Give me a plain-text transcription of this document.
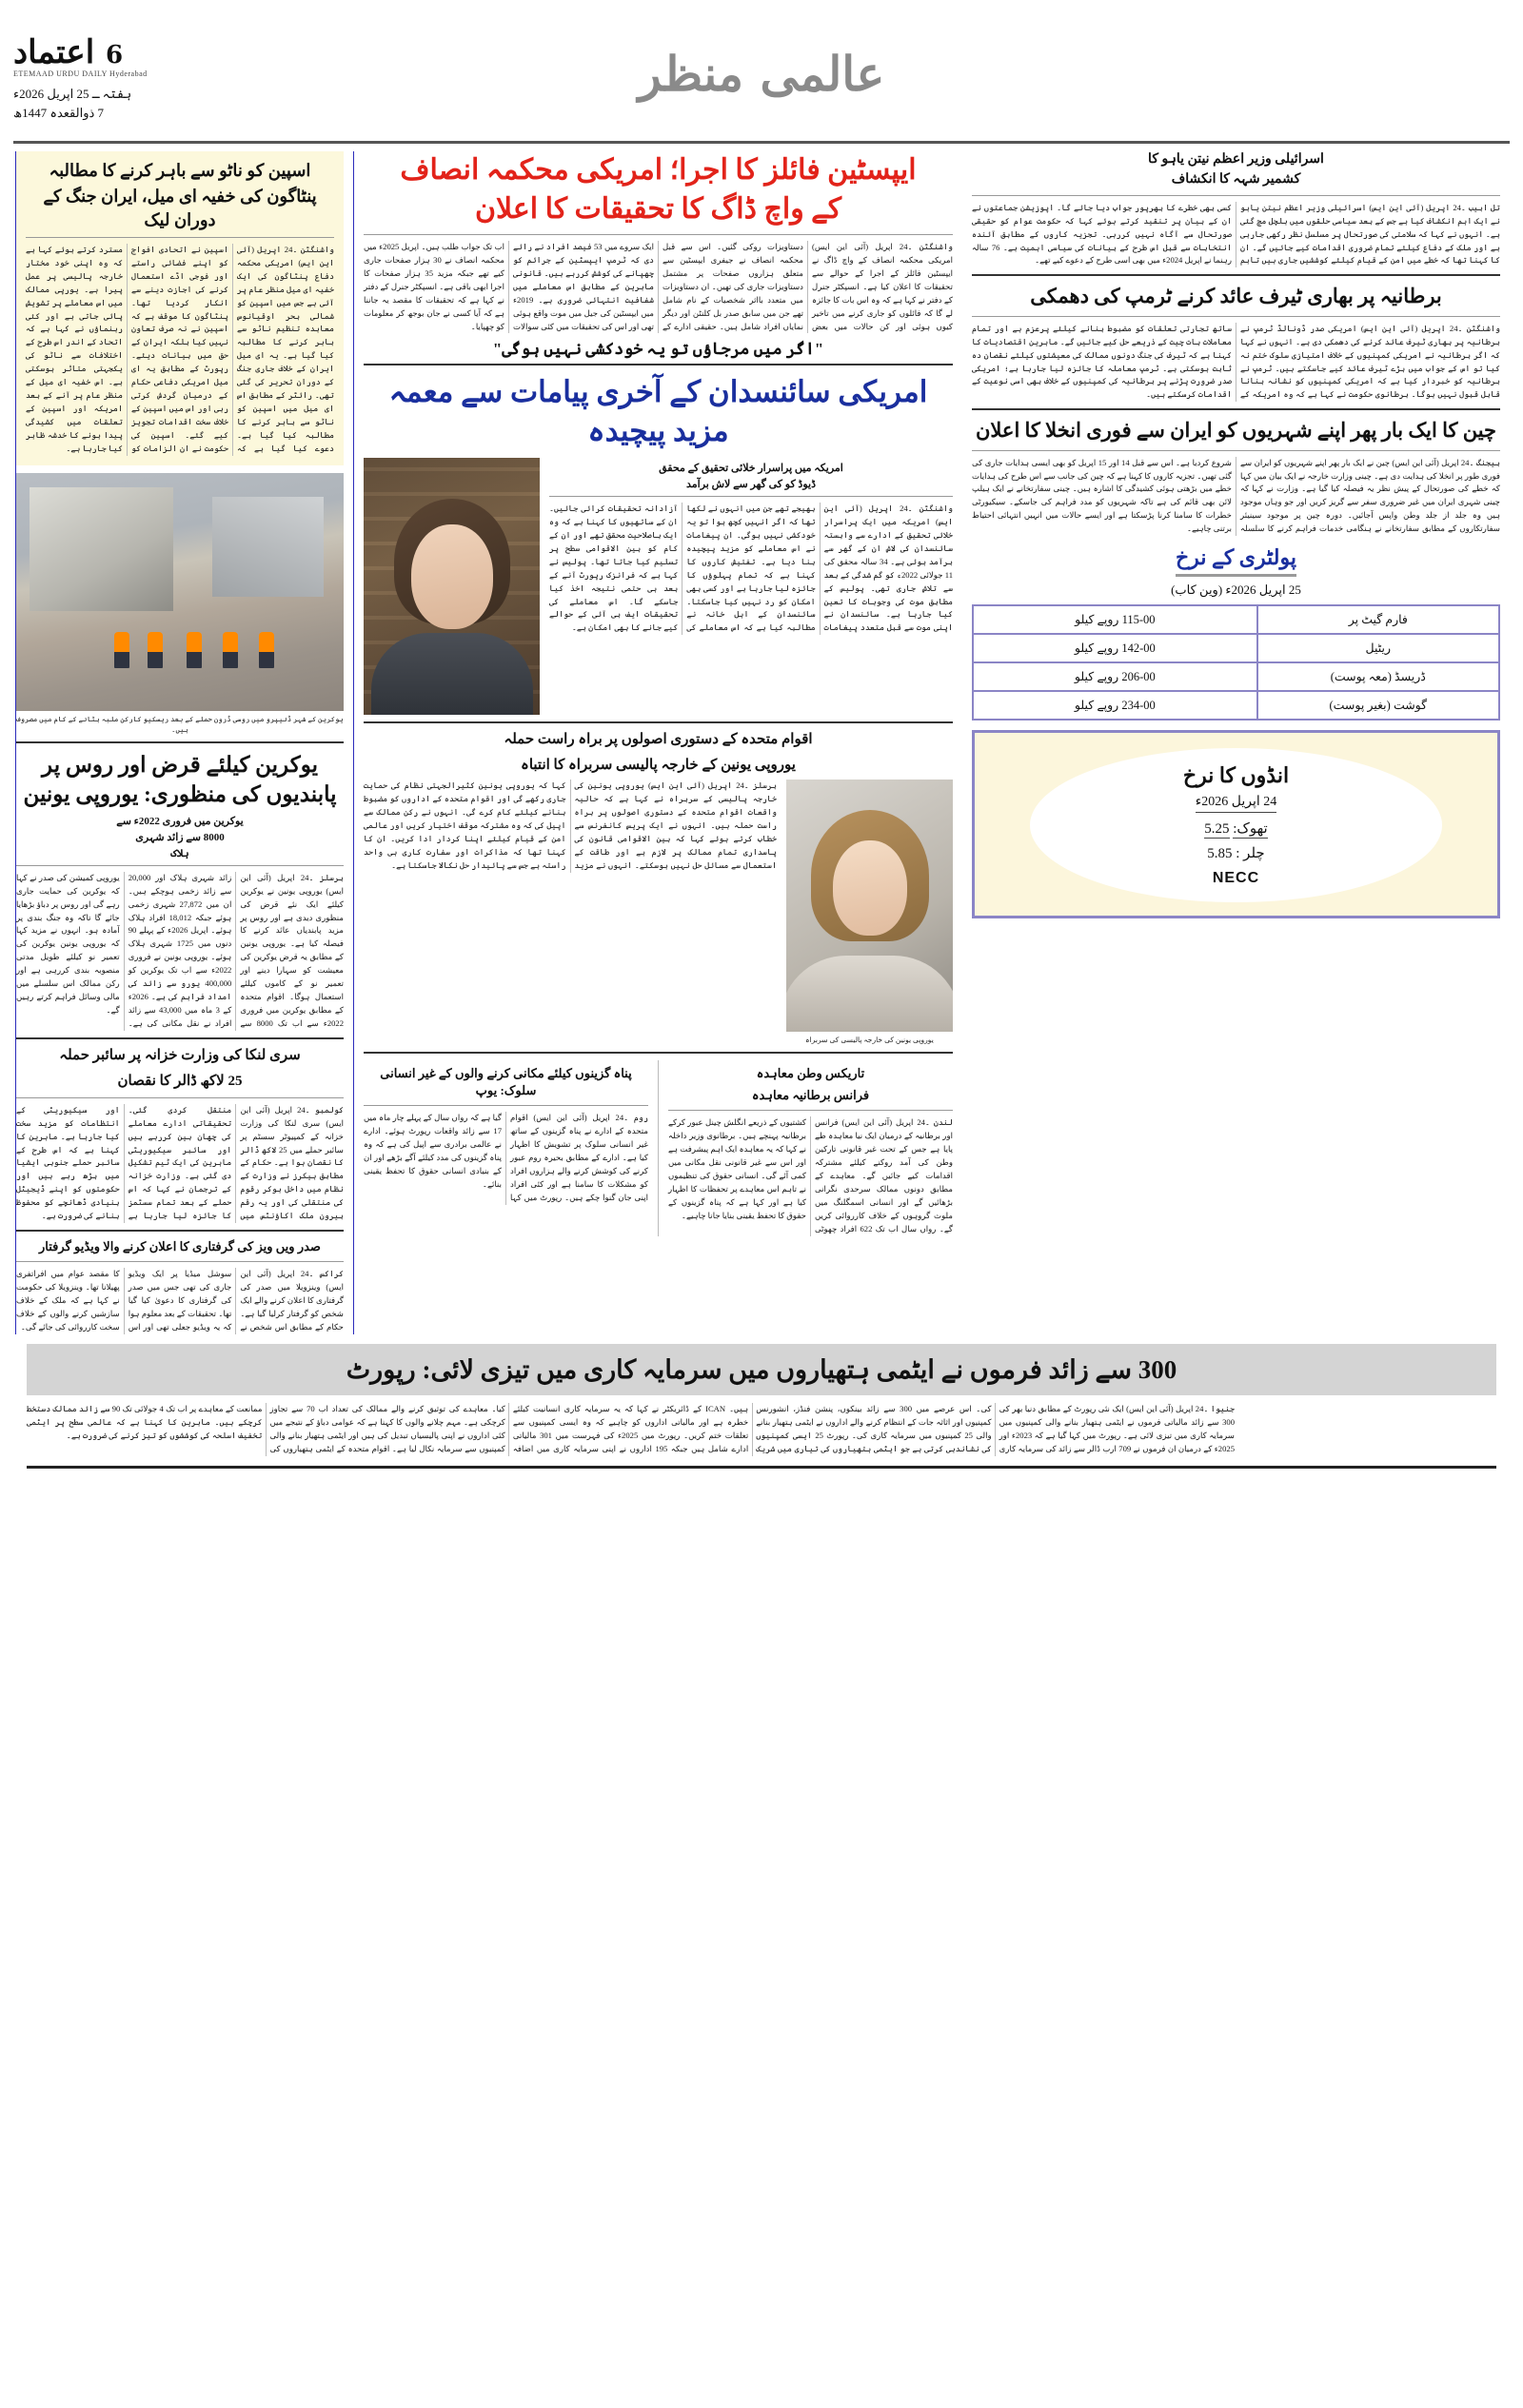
6 اعتماد
ETEMAAD URDU DAILY Hyderabad
ہفتہ ـ 25 اپریل 2026ء
7 ذوالقعدہ 1447ھ
عالمی منظر
اسرائیلی وزیر اعظم نیتن یاہو کا
کشمیر شہہ کا انکشاف
تل ابیب ۔24 اپریل (آئی این ایس) اسرائیلی وزیر اعظم نیتن یاہو نے ایک اہم انکشاف کیا ہے جس کے بعد سیاسی حلقوں میں ہلچل مچ گئی ہے۔ انہوں نے کہا کہ سلامتی کی صورتحال پر مسلسل نظر رکھی جارہی ہے اور ملک کے دفاع کیلئے تمام ضروری اقدامات کیے جائیں گے۔ ان کا کہنا تھا کہ خطے میں امن کے قیام کیلئے کوششیں جاری ہیں تاہم کسی بھی خطرے کا بھرپور جواب دیا جائے گا۔ اپوزیشن جماعتوں نے ان کے بیان پر تنقید کرتے ہوئے کہا کہ حکومت عوام کو حقیقی صورتحال سے آگاہ نہیں کررہی۔ تجزیہ کاروں کے مطابق آئندہ انتخابات سے قبل اس طرح کے بیانات کی سیاسی اہمیت ہے۔ 76 سالہ رہنما نے اپریل 2024ء میں بھی اسی طرح کے دعوے کیے تھے۔
برطانیہ پر بھاری ٹیرف عائد کرنے ٹرمپ کی دھمکی
واشنگٹن ۔24 اپریل (آئی این ایس) امریکی صدر ڈونالڈ ٹرمپ نے برطانیہ پر بھاری ٹیرف عائد کرنے کی دھمکی دی ہے۔ انہوں نے کہا کہ اگر برطانیہ نے امریکی کمپنیوں کے خلاف امتیازی سلوک ختم نہ کیا تو اس کے جواب میں بڑے ٹیرف عائد کیے جاسکتے ہیں۔ ٹرمپ نے برطانیہ کو خبردار کیا ہے کہ امریکی کمپنیوں کو نشانہ بنانا قابل قبول نہیں ہوگا۔ برطانوی حکومت نے کہا ہے کہ وہ امریکہ کے ساتھ تجارتی تعلقات کو مضبوط بنانے کیلئے پرعزم ہے اور تمام معاملات بات چیت کے ذریعے حل کیے جائیں گے۔ ماہرین اقتصادیات کا کہنا ہے کہ ٹیرف کی جنگ دونوں ممالک کی معیشتوں کیلئے نقصان دہ ثابت ہوسکتی ہے۔ ٹرمپ معاملہ کا جائزہ لیا جارہا ہے؛ امریکی صدر ضرورت پڑنے پر برطانیہ کی کمپنیوں کے خلاف بھی اسی نوعیت کے اقدامات کرسکتے ہیں۔
چین کا ایک بار پھر اپنے شہریوں کو ایران سے فوری انخلا کا اعلان
بیجنگ ۔24 اپریل (آئی این ایس) چین نے ایک بار پھر اپنے شہریوں کو ایران سے فوری طور پر انخلا کی ہدایت دی ہے۔ چینی وزارت خارجہ نے ایک بیان میں کہا کہ خطے کی صورتحال کے پیش نظر یہ فیصلہ کیا گیا ہے۔ وزارت نے کہا کہ چینی شہری ایران میں غیر ضروری سفر سے گریز کریں اور جو وہاں موجود ہیں وہ جلد از جلد وطن واپس آجائیں۔ دورہ چین پر موجود سینیئر سفارتکاروں کے مطابق سفارتخانے نے ہنگامی خدمات فراہم کرنے کا سلسلہ شروع کردیا ہے۔ اس سے قبل 14 اور 15 اپریل کو بھی ایسی ہدایات جاری کی گئی تھیں۔ تجزیہ کاروں کا کہنا ہے کہ چین کی جانب سے اس طرح کی ہدایات خطے میں بڑھتی ہوئی کشیدگی کا اشارہ ہیں۔ چینی سفارتخانے نے ایک ہیلپ لائن بھی قائم کی ہے تاکہ شہریوں کو مدد فراہم کی جاسکے۔ سیکیورٹی خطرات کا سامنا کرنا پڑسکتا ہے اور ایسے حالات میں انہیں انتہائی احتیاط برتنی چاہیے۔
پولٹری کے نرخ
25 اپریل 2026ء (وین کاب)
فارم گیٹ پر	115-00 روپے کیلو
ریٹیل	142-00 روپے کیلو
ڈریسڈ (معہ پوست)	206-00 روپے کیلو
گوشت (بغیر پوست)	234-00 روپے کیلو
انڈوں کا نرخ
24 اپریل 2026ء
تھوک: 5.25
چلر : 5.85
NECC
ایپسٹین فائلز کا اجرا؛ امریکی محکمہ انصاف
کے واچ ڈاگ کا تحقیقات کا اعلان
واشنگٹن ۔24 اپریل (آئی این ایس) امریکی محکمہ انصاف کے واچ ڈاگ نے ایپسٹین فائلز کے اجرا کے حوالے سے تحقیقات کا اعلان کیا ہے۔ انسپکٹر جنرل کے دفتر نے کہا ہے کہ وہ اس بات کا جائزہ لے گا کہ فائلوں کو جاری کرنے میں تاخیر کیوں ہوئی اور کن حالات میں بعض دستاویزات روکی گئیں۔ اس سے قبل محکمہ انصاف نے جیفری ایپسٹین سے متعلق ہزاروں صفحات پر مشتمل دستاویزات جاری کی تھیں۔ ان دستاویزات میں متعدد بااثر شخصیات کے نام شامل تھے جن میں سابق صدر بل کلنٹن اور دیگر نمایاں افراد شامل ہیں۔ حقیقی ادارے کے ایک سروے میں 53 فیصد افراد نے رائے دی کہ ٹرمپ ایپسٹین کے جرائم کو چھپانے کی کوشش کررہے ہیں۔ قانونی ماہرین کے مطابق اس معاملے میں شفافیت انتہائی ضروری ہے۔ 2019ء میں ایپسٹین کی جیل میں موت واقع ہوئی تھی اور اس کی تحقیقات میں کئی سوالات اب تک جواب طلب ہیں۔ اپریل 2025ء میں محکمہ انصاف نے 30 ہزار صفحات جاری کیے تھے جبکہ مزید 35 ہزار صفحات کا اجرا ابھی باقی ہے۔ انسپکٹر جنرل کے دفتر نے کہا ہے کہ تحقیقات کا مقصد یہ جاننا ہے کہ آیا کسی نے جان بوجھ کر معلومات کو چھپایا۔
"اگر میں مرجاؤں تو یہ خودکشی نہیں ہوگی"
امریکی سائنسدان کے آخری پیامات سے معمہ مزید پیچیدہ
امریکہ میں پراسرار خلائی تحقیق کے محقق
ڈیوڈ کو کی گھر سے لاش برآمد
واشنگٹن ۔24 اپریل (آئی این ایس) امریکہ میں ایک پراسرار خلائی تحقیق کے ادارے سے وابستہ سائنسدان کی لاش ان کے گھر سے برآمد ہوئی ہے۔ 34 سالہ محقق کی 11 جولائی 2022ء کو گم شدگی کے بعد سے تلاش جاری تھی۔ پولیس کے مطابق موت کی وجوہات کا تعین کیا جارہا ہے۔ سائنسدان نے اپنی موت سے قبل متعدد پیغامات بھیجے تھے جن میں انہوں نے لکھا تھا کہ اگر انہیں کچھ ہوا تو یہ خودکشی نہیں ہوگی۔ ان پیغامات نے اس معاملے کو مزید پیچیدہ بنا دیا ہے۔ تفتیش کاروں کا کہنا ہے کہ تمام پہلوؤں کا جائزہ لیا جارہا ہے اور کسی بھی امکان کو رد نہیں کیا جاسکتا۔ سائنسدان کے اہل خانہ نے مطالبہ کیا ہے کہ اس معاملے کی آزادانہ تحقیقات کرائی جائیں۔ ان کے ساتھیوں کا کہنا ہے کہ وہ ایک باصلاحیت محقق تھے اور ان کے کام کو بین الاقوامی سطح پر تسلیم کیا جاتا تھا۔ پولیس نے کہا ہے کہ فرانزک رپورٹ آنے کے بعد ہی حتمی نتیجہ اخذ کیا جاسکے گا۔ اس معاملے کی تحقیقات ایف بی آئی کے حوالے کیے جانے کا بھی امکان ہے۔
اقوام متحدہ کے دستوری اصولوں پر براہ راست حملہ
یوروپی یونین کے خارجہ پالیسی سربراہ کا انتباہ
یوروپی یونین کی خارجہ پالیسی کی سربراہ
برسلز ۔24 اپریل (آئی این ایس) یوروپی یونین کی خارجہ پالیسی کے سربراہ نے کہا ہے کہ حالیہ واقعات اقوام متحدہ کے دستوری اصولوں پر براہ راست حملہ ہیں۔ انہوں نے ایک پریس کانفرنس سے خطاب کرتے ہوئے کہا کہ بین الاقوامی قانون کی پاسداری تمام ممالک پر لازم ہے اور طاقت کے استعمال سے مسائل حل نہیں ہوسکتے۔ انہوں نے مزید کہا کہ یوروپی یونین کثیرالجہتی نظام کی حمایت جاری رکھے گی اور اقوام متحدہ کے اداروں کو مضبوط بنانے کیلئے کام کرے گی۔ انہوں نے رکن ممالک سے اپیل کی کہ وہ مشترکہ موقف اختیار کریں اور عالمی امن کے قیام کیلئے اپنا کردار ادا کریں۔ ان کا کہنا تھا کہ مذاکرات اور سفارت کاری ہی واحد راستہ ہے جس سے پائیدار حل نکالا جاسکتا ہے۔
تاریکس وطن معاہدہ
فرانس برطانیہ معاہدہ
لندن ۔24 اپریل (آئی این ایس) فرانس اور برطانیہ کے درمیان ایک نیا معاہدہ طے پایا ہے جس کے تحت غیر قانونی تارکین وطن کی آمد روکنے کیلئے مشترکہ اقدامات کیے جائیں گے۔ معاہدے کے مطابق دونوں ممالک سرحدی نگرانی بڑھائیں گے اور انسانی اسمگلنگ میں ملوث گروہوں کے خلاف کارروائی کریں گے۔ رواں سال اب تک 622 افراد چھوٹی کشتیوں کے ذریعے انگلش چینل عبور کرکے برطانیہ پہنچے ہیں۔ برطانوی وزیر داخلہ نے کہا کہ یہ معاہدہ ایک اہم پیشرفت ہے اور اس سے غیر قانونی نقل مکانی میں کمی آئے گی۔ انسانی حقوق کی تنظیموں نے تاہم اس معاہدے پر تحفظات کا اظہار کیا ہے اور کہا ہے کہ پناہ گزینوں کے حقوق کا تحفظ یقینی بنایا جانا چاہیے۔
پناہ گزینوں کیلئے مکانی کرنے والوں کے غیر انسانی سلوک: یوپ
روم ۔24 اپریل (آئی این ایس) اقوام متحدہ کے ادارے نے پناہ گزینوں کے ساتھ غیر انسانی سلوک پر تشویش کا اظہار کیا ہے۔ ادارے کے مطابق بحیرہ روم عبور کرنے کی کوشش کرنے والے ہزاروں افراد کو مشکلات کا سامنا ہے اور کئی افراد اپنی جان گنوا چکے ہیں۔ رپورٹ میں کہا گیا ہے کہ رواں سال کے پہلے چار ماہ میں 17 سے زائد واقعات رپورٹ ہوئے۔ ادارے نے عالمی برادری سے اپیل کی ہے کہ وہ پناہ گزینوں کی مدد کیلئے آگے بڑھے اور ان کے بنیادی انسانی حقوق کا تحفظ یقینی بنائے۔
اسپین کو ناٹو سے باہر کرنے کا مطالبہ
پنٹاگون کی خفیہ ای میل، ایران جنگ کے دوران لیک
واشنگٹن ۔24 اپریل (آئی این ایس) امریکی محکمہ دفاع پنٹاگون کی ایک خفیہ ای میل منظر عام پر آئی ہے جس میں اسپین کو شمالی بحر اوقیانوس معاہدہ تنظیم ناٹو سے باہر کرنے کا مطالبہ کیا گیا ہے۔ یہ ای میل ایران کے خلاف جاری جنگ کے دوران تحریر کی گئی تھی۔ رائٹر کے مطابق اس ای میل میں اسپین کو ناٹو سے باہر کرنے کا مطالبہ کیا گیا ہے۔ دعوے کیا گیا ہے کہ اسپین نے اتحادی افواج کو اپنے فضائی راستے اور فوجی اڈے استعمال کرنے کی اجازت دینے سے انکار کردیا تھا۔ پنٹاگون کا موقف ہے کہ اسپین نے نہ صرف تعاون نہیں کیا بلکہ ایران کے حق میں بیانات دیئے۔ رپورٹ کے مطابق یہ ای میل امریکی دفاعی حکام کے درمیان گردش کرتی رہی اور اس میں اسپین کے خلاف سخت اقدامات تجویز کیے گئے۔ اسپین کی حکومت نے ان الزامات کو مسترد کرتے ہوئے کہا ہے کہ وہ اپنی خود مختار خارجہ پالیسی پر عمل پیرا ہے۔ یورپی ممالک میں اس معاملے پر تشویش پائی جاتی ہے اور کئی رہنماؤں نے کہا ہے کہ اتحاد کے اندر اس طرح کے اختلافات سے ناٹو کی یکجہتی متاثر ہوسکتی ہے۔ اس خفیہ ای میل کے منظر عام پر آنے کے بعد امریکہ اور اسپین کے تعلقات میں کشیدگی پیدا ہونے کا خدشہ ظاہر کیا جارہا ہے۔
یوکرین کے شہر ڈنیپرو میں روسی ڈرون حملے کے بعد ریسکیو کارکن ملبہ ہٹانے کے کام میں مصروف ہیں۔
یوکرین کیلئے قرض اور روس پر پابندیوں کی منظوری: یوروپی یونین
یوکرین میں فروری 2022ء سے
8000 سے زائد شہری
ہلاک
برسلز ۔24 اپریل (آئی این ایس) یوروپی یونین نے یوکرین کیلئے ایک نئے قرض کی منظوری دیدی ہے اور روس پر مزید پابندیاں عائد کرنے کا فیصلہ کیا ہے۔ یوروپی یونین کے مطابق یہ قرض یوکرین کی معیشت کو سہارا دینے اور تعمیر نو کے کاموں کیلئے استعمال ہوگا۔ اقوام متحدہ کے مطابق یوکرین میں فروری 2022ء سے اب تک 8000 سے زائد شہری ہلاک اور 20,000 سے زائد زخمی ہوچکے ہیں۔ ان میں 27,872 شہری زخمی ہوئے جبکہ 18,012 افراد ہلاک ہوئے۔ اپریل 2026ء کے پہلے 90 دنوں میں 1725 شہری ہلاک ہوئے۔ یوروپی یونین نے فروری 2022ء سے اب تک یوکرین کو 400,000 یورو سے زائد کی امداد فراہم کی ہے۔ 2026ء کے 3 ماہ میں 43,000 سے زائد افراد نے نقل مکانی کی ہے۔ یوروپی کمیشن کی صدر نے کہا کہ یوکرین کی حمایت جاری رہے گی اور روس پر دباؤ بڑھایا جائے گا تاکہ وہ جنگ بندی پر آمادہ ہو۔ انہوں نے مزید کہا کہ یوروپی یونین یوکرین کی تعمیر نو کیلئے طویل مدتی منصوبہ بندی کررہی ہے اور رکن ممالک اس سلسلے میں مالی وسائل فراہم کرتے رہیں گے۔
سری لنکا کی وزارت خزانہ پر سائبر حملہ
25 لاکھ ڈالر کا نقصان
کولمبو ۔24 اپریل (آئی این ایس) سری لنکا کی وزارت خزانہ کے کمپیوٹر سسٹم پر سائبر حملے میں 25 لاکھ ڈالر کا نقصان ہوا ہے۔ حکام کے مطابق ہیکرز نے وزارت کے نظام میں داخل ہوکر رقوم کی منتقلی کی اور یہ رقم بیرون ملک اکاؤنٹس میں منتقل کردی گئی۔ تحقیقاتی ادارے معاملے کی چھان بین کررہے ہیں اور سائبر سیکیوریٹی ماہرین کی ایک ٹیم تشکیل دی گئی ہے۔ وزارت خزانہ کے ترجمان نے کہا کہ اس حملے کے بعد تمام سسٹمز کا جائزہ لیا جارہا ہے اور سیکیوریٹی کے انتظامات کو مزید سخت کیا جارہا ہے۔ ماہرین کا کہنا ہے کہ اس طرح کے سائبر حملے جنوبی ایشیا میں بڑھ رہے ہیں اور حکومتوں کو اپنے ڈیجیٹل بنیادی ڈھانچے کو محفوظ بنانے کی ضرورت ہے۔
صدر ویں ویز کی گرفتاری کا اعلان کرنے والا ویڈیو گرفتار
کراکس ۔24 اپریل (آئی این ایس) وینزویلا میں صدر کی گرفتاری کا اعلان کرنے والے ایک شخص کو گرفتار کرلیا گیا ہے۔ حکام کے مطابق اس شخص نے سوشل میڈیا پر ایک ویڈیو جاری کی تھی جس میں صدر کی گرفتاری کا دعویٰ کیا گیا تھا۔ تحقیقات کے بعد معلوم ہوا کہ یہ ویڈیو جعلی تھی اور اس کا مقصد عوام میں افراتفری پھیلانا تھا۔ وینزویلا کی حکومت نے کہا ہے کہ ملک کے خلاف سازشیں کرنے والوں کے خلاف سخت کارروائی کی جائے گی۔
300 سے زائد فرموں نے ایٹمی ہتھیاروں میں سرمایہ کاری میں تیزی لائی: رپورٹ
جنیوا ۔24 اپریل (آئی این ایس) ایک نئی رپورٹ کے مطابق دنیا بھر کی 300 سے زائد مالیاتی فرموں نے ایٹمی ہتھیار بنانے والی کمپنیوں میں سرمایہ کاری میں تیزی لائی ہے۔ رپورٹ میں کہا گیا ہے کہ 2023ء اور 2025ء کے درمیان ان فرموں نے 709 ارب ڈالر سے زائد کی سرمایہ کاری کی۔ اس عرصے میں 300 سے زائد بینکوں، پنشن فنڈز، انشورنس کمپنیوں اور اثاثہ جات کے انتظام کرنے والے اداروں نے ایٹمی ہتھیار بنانے والی 25 کمپنیوں میں سرمایہ کاری کی۔ رپورٹ 25 ایسی کمپنیوں کی نشاندہی کرتی ہے جو ایٹمی ہتھیاروں کی تیاری میں شریک ہیں۔ ICAN کے ڈائریکٹر نے کہا کہ یہ سرمایہ کاری انسانیت کیلئے خطرہ ہے اور مالیاتی اداروں کو چاہیے کہ وہ ایسی کمپنیوں سے تعلقات ختم کریں۔ رپورٹ میں 2025ء کی فہرست میں 301 مالیاتی ادارے شامل ہیں جبکہ 195 اداروں نے اپنی سرمایہ کاری میں اضافہ کیا۔ معاہدے کی توثیق کرنے والے ممالک کی تعداد اب 70 سے تجاوز کرچکی ہے۔ مہم چلانے والوں کا کہنا ہے کہ عوامی دباؤ کے نتیجے میں کئی اداروں نے اپنی پالیسیاں تبدیل کی ہیں اور ایٹمی ہتھیار بنانے والی کمپنیوں سے سرمایہ نکال لیا ہے۔ اقوام متحدہ کے ایٹمی ہتھیاروں کی ممانعت کے معاہدے پر اب تک 4 جولائی تک 90 سے زائد ممالک دستخط کرچکے ہیں۔ ماہرین کا کہنا ہے کہ عالمی سطح پر ایٹمی تخفیف اسلحہ کی کوششوں کو تیز کرنے کی ضرورت ہے۔
